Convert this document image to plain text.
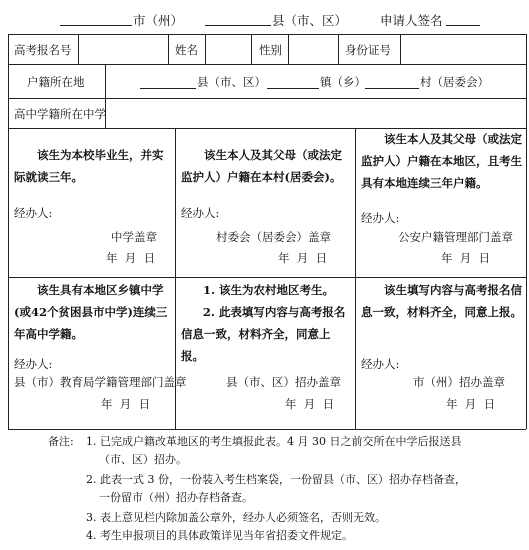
市（州）	县（市、区）	申请人签名
高考报名号	姓名	性别	身份证号
户籍所在地	县（市、区）	镇（乡）	村（居委会）
高中学籍所在中学
该生为本校毕业生，并实际就读三年。
经办人:
中学盖章
年  月  日
该生本人及其父母（或法定监护人）户籍在本村(居委会)。
经办人:
村委会（居委会）盖章
年  月  日
该生本人及其父母（或法定监护人）户籍在本地区，且考生具有本地连续三年户籍。
经办人:
公安户籍管理部门盖章
年  月  日
该生具有本地区乡镇中学(或42个贫困县市中学)连续三年高中学籍。
经办人:
县（市）教育局学籍管理部门盖章
年  月  日
1. 该生为农村地区考生。
2. 此表填写内容与高考报名信息一致，材料齐全，同意上报。
县（市、区）招办盖章
年  月  日
该生填写内容与高考报名信息一致，材料齐全，同意上报。
经办人:
市（州）招办盖章
年  月  日
备注: 1. 已完成户籍改革地区的考生填报此表。4 月 30 日之前交所在中学后报送县
（市、区）招办。
2. 此表一式 3 份，一份装入考生档案袋，一份留县（市、区）招办存档备查，
一份留市（州）招办存档备查。
3. 表上意见栏内除加盖公章外，经办人必须签名，否则无效。
4. 考生申报项目的具体政策详见当年省招委文件规定。
